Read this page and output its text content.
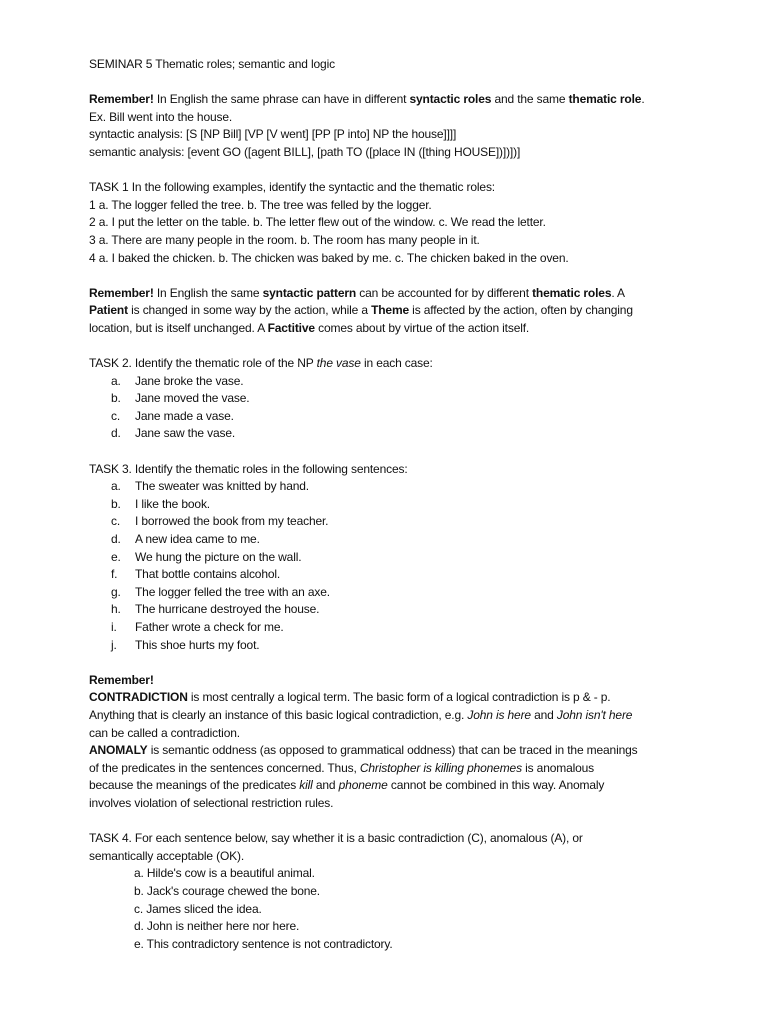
SEMINAR 5 Thematic roles; semantic and logic

Remember! In English the same phrase can have in different syntactic roles and the same thematic role.

Ex. Bill went into the house.

syntactic analysis: [S [NP Bill] [VP [V went] [PP [P into] NP the house]]]]

semantic analysis: [event GO ([agent BILL], [path TO ([place IN ([thing HOUSE])])])]

TASK 1 In the following examples, identify the syntactic and the thematic roles:

1 a. The logger felled the tree. b. The tree was felled by the logger.

2 a. I put the letter on the table. b. The letter flew out of the window. c. We read the letter.

3 a. There are many people in the room. b. The room has many people in it.

4 a. I baked the chicken. b. The chicken was baked by me. c. The chicken baked in the oven.

Remember! In English the same syntactic pattern can be accounted for by different thematic roles. A

Patient is changed in some way by the action, while a Theme is affected by the action, often by changing

location, but is itself unchanged. A Factitive comes about by virtue of the action itself.

TASK 2. Identify the thematic role of the NP the vase in each case:

a.	Jane broke the vase.
b.	Jane moved the vase.
c.	Jane made a vase.
d.	Jane saw the vase.

TASK 3. Identify the thematic roles in the following sentences:

a.	The sweater was knitted by hand.
b.	I like the book.
c.	I borrowed the book from my teacher.
d.	A new idea came to me.
e.	We hung the picture on the wall.
f.	That bottle contains alcohol.
g.	The logger felled the tree with an axe.
h.	The hurricane destroyed the house.
i.	Father wrote a check for me.
j.	This shoe hurts my foot.

Remember!

CONTRADICTION is most centrally a logical term. The basic form of a logical contradiction is p & - p.

Anything that is clearly an instance of this basic logical contradiction, e.g. John is here and John isn't here

can be called a contradiction.

ANOMALY is semantic oddness (as opposed to grammatical oddness) that can be traced in the meanings

of the predicates in the sentences concerned. Thus, Christopher is killing phonemes is anomalous

because the meanings of the predicates kill and phoneme cannot be combined in this way. Anomaly

involves violation of selectional restriction rules.

TASK 4. For each sentence below, say whether it is a basic contradiction (C), anomalous (A), or

semantically acceptable (OK).

a. Hilde's cow is a beautiful animal.

b. Jack's courage chewed the bone.

c. James sliced the idea.

d. John is neither here nor here.

e. This contradictory sentence is not contradictory.
